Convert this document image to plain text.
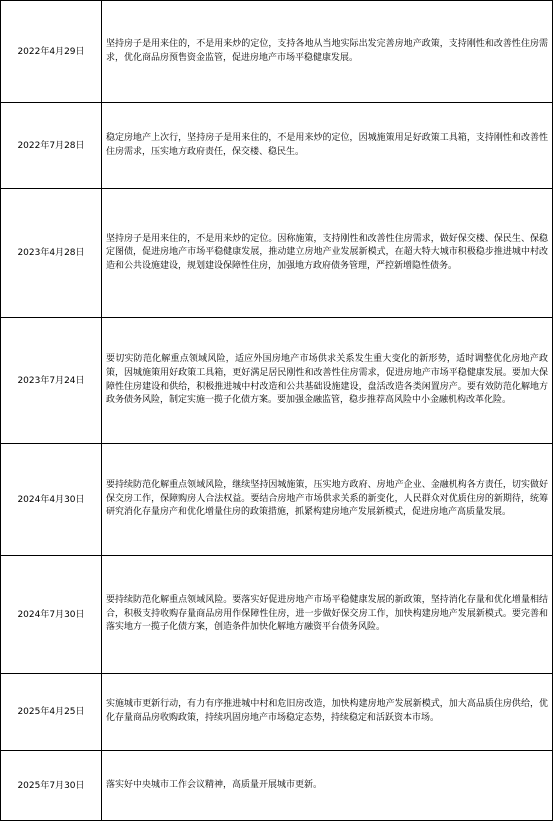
2022年4月29日	坚持房子是用来住的，不是用来炒的定位，支持各地从当地实际出发完善房地产政策，支持刚性和改善性住房需求，优化商品房预售资金监管，促进房地产市场平稳健康发展。
2022年7月28日	稳定房地产上次行，坚持房子是用来住的，不是用来炒的定位，因城施策用足好政策工具箱，支持刚性和改善性住房需求，压实地方政府责任，保交楼、稳民生。
2023年4月28日	坚持房子是用来住的，不是用来炒的定位。因称施策，支持刚性和改善性住房需求，做好保交楼、保民生、保稳定图债，促进房地产市场平稳健康发展，推动建立房地产业发展新模式，在超大特大城市积极稳步推进城中村改造和公共设施建设，规划建设保障性住房，加强地方政府债务管理，严控新增隐性债务。
2023年7月24日	要切实防范化解重点领域风险，适应外国房地产市场供求关系发生重大变化的新形势，适时调整优化房地产政策，因城施策用好政策工具箱，更好满足居民刚性和改善性住房需求，促进房地产市场平稳健康发展。要加大保障性住房建设和供给，积极推进城中村改造和公共基础设施建设，盘活改造各类闲置房产。要有效防范化解地方政务债务风险，制定实施一揽子化债方案。要加强金融监管，稳步推荐高风险中小金融机构改革化险。
2024年4月30日	要持续防范化解重点领域风险，继续坚持因城施策，压实地方政府、房地产企业、金融机构各方责任，切实做好保交房工作，保障购房人合法权益。要结合房地产市场供求关系的新变化，人民群众对优质住房的新期待，统筹研究消化存量房产和优化增量住房的政策措施，抓紧构建房地产发展新模式，促进房地产高质量发展。
2024年7月30日	要持续防范化解重点领域风险。要落实好促进房地产市场平稳健康发展的新政策，坚持消化存量和优化增量相结合，积极支持收购存量商品房用作保障性住房，进一步做好保交房工作，加快构建房地产发展新模式。要完善和落实地方一揽子化债方案，创造条件加快化解地方融资平台债务风险。
2025年4月25日	实施城市更新行动，有力有序推进城中村和危旧房改造，加快构建房地产发展新模式，加大高品质住房供给，优化存量商品房收购政策，持续巩固房地产市场稳定态势，持续稳定和活跃资本市场。
2025年7月30日	落实好中央城市工作会议精神，高质量开展城市更新。
